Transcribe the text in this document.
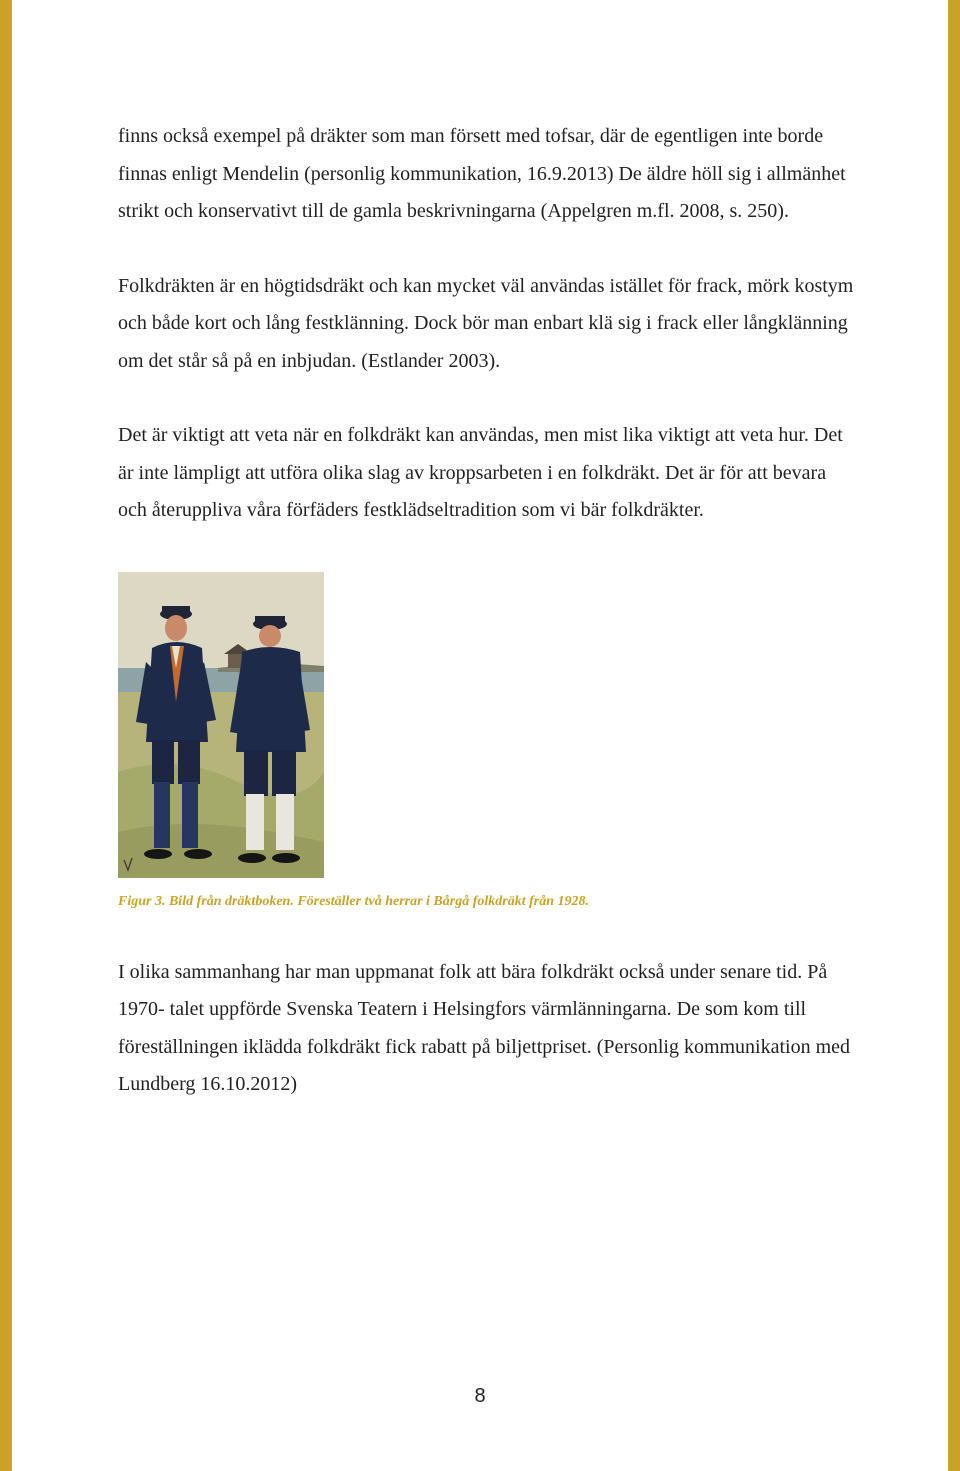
finns också exempel på dräkter som man försett med tofsar, där de egentligen inte borde finnas enligt Mendelin (personlig kommunikation, 16.9.2013) De äldre höll sig i allmänhet strikt och konservativt till de gamla beskrivningarna (Appelgren m.fl. 2008, s. 250).

Folkdräkten är en högtidsdräkt och kan mycket väl användas istället för frack, mörk kostym och både kort och lång festklänning. Dock bör man enbart klä sig i frack eller långklänning om det står så på en inbjudan. (Estlander 2003).

Det är viktigt att veta när en folkdräkt kan användas, men mist lika viktigt att veta hur. Det är inte lämpligt att utföra olika slag av kroppsarbeten i en folkdräkt. Det är för att bevara och återuppliva våra förfäders festklädseltradition som vi bär folkdräkter.

Figur 3. Bild från dräktboken. Föreställer två herrar i Bårgå folkdräkt från 1928.

I olika sammanhang har man uppmanat folk att bära folkdräkt också under senare tid. På 1970- talet uppförde Svenska Teatern i Helsingfors värmlänningarna. De som kom till föreställningen iklädda folkdräkt fick rabatt på biljettpriset. (Personlig kommunikation med Lundberg 16.10.2012)

8
